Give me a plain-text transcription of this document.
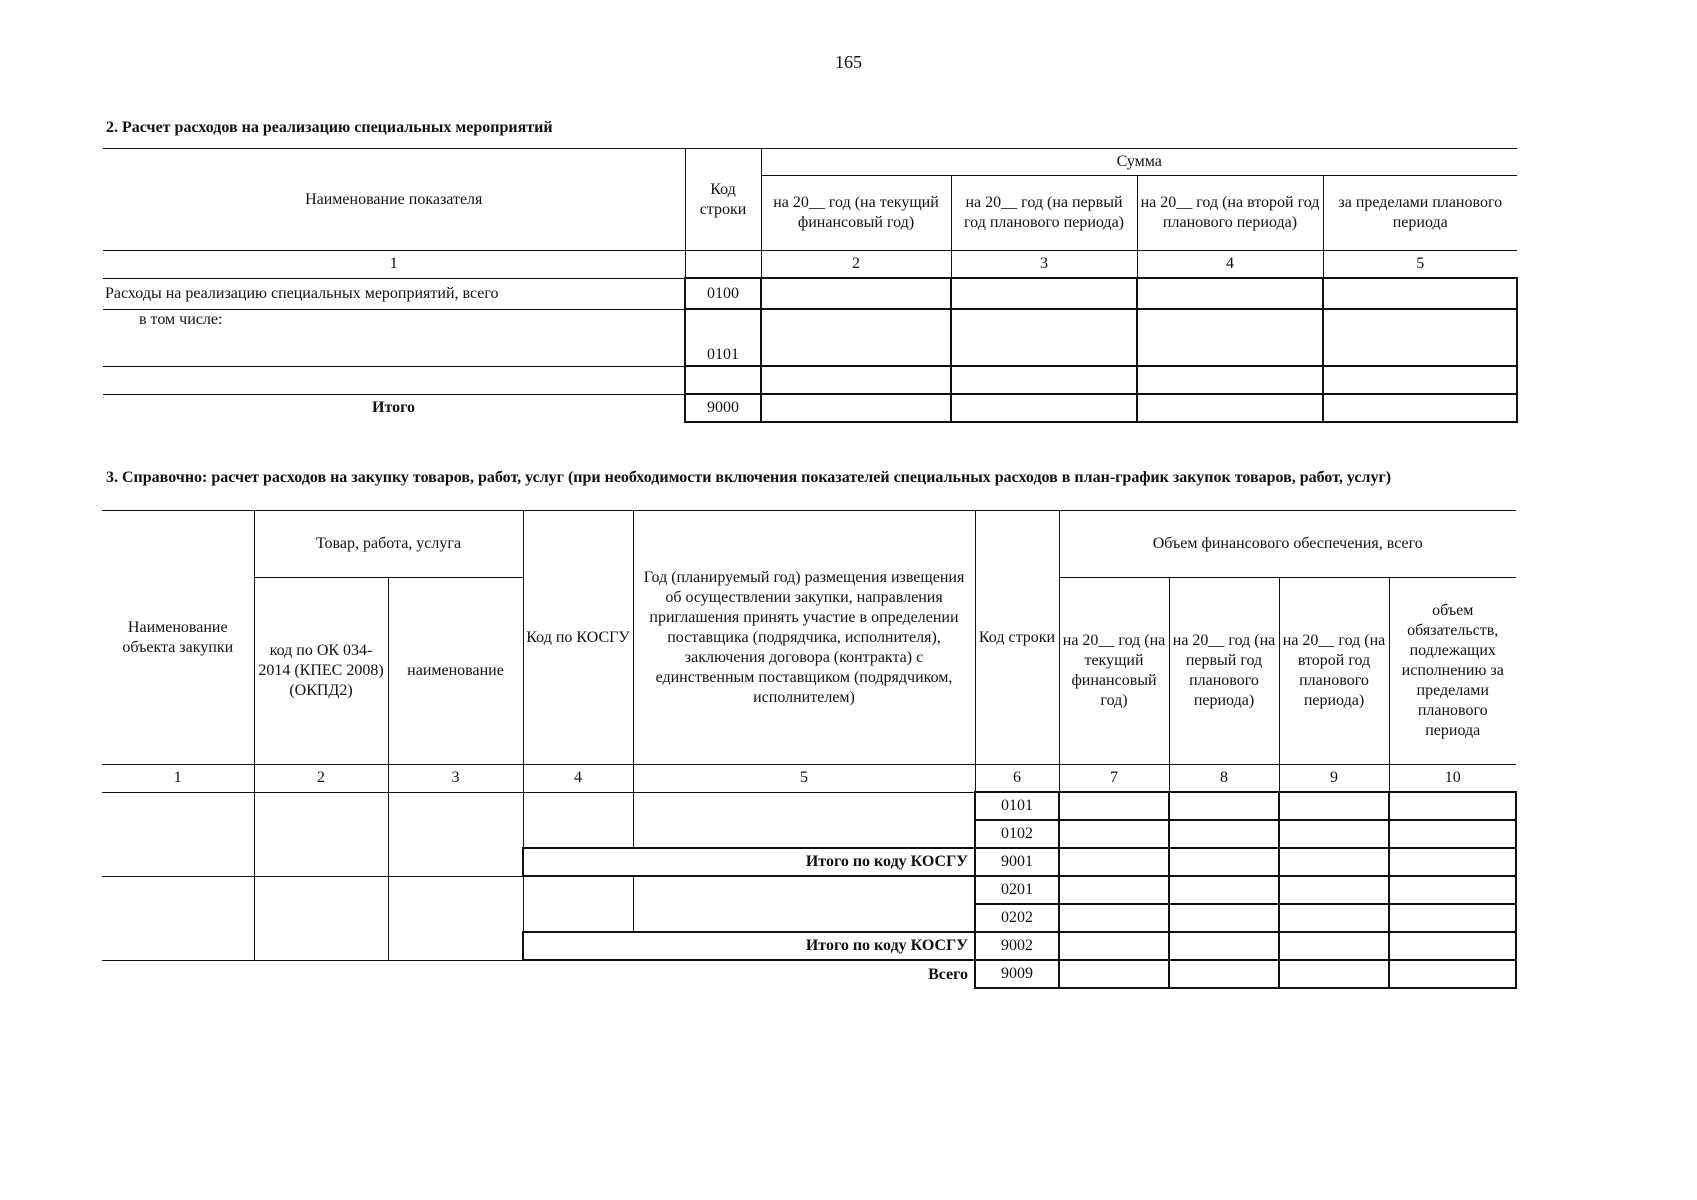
165
2. Расчет расходов на реализацию специальных мероприятий
Наименование показателя	Код строки	Сумма			
		на 20__ год (на текущий финансовый год)	на 20__ год (на первый год планового периода)	на 20__ год (на второй год планового периода)	за пределами планового периода
1		2	3	4	5
Расходы на реализацию специальных мероприятий, всего	0100				
в том числе:	0101				

Итого	9000				
3. Справочно: расчет расходов на закупку товаров, работ, услуг (при необходимости включения показателей специальных расходов в план-график закупок товаров, работ, услуг)
Наименование объекта закупки	Товар, работа, услуга		Код по КОСГУ	Год (планируемый год) размещения извещения об осуществлении закупки, направления приглашения принять участие в определении поставщика (подрядчика, исполнителя), заключения договора (контракта) с единственным поставщиком (подрядчиком, исполнителем)	Код строки	Объем финансового обеспечения, всего			
	код по ОК 034-2014 (КПЕС 2008) (ОКПД2)	наименование				на 20__ год (на текущий финансовый год)	на 20__ год (на первый год планового периода)	на 20__ год (на второй год планового периода)	объем обязательств, подлежащих исполнению за пределами планового периода
1	2	3	4	5	6	7	8	9	10
					0101				
					0102				
			Итого по коду КОСГУ		9001				
					0201				
					0202				
			Итого по коду КОСГУ		9002				
Всего					9009				
